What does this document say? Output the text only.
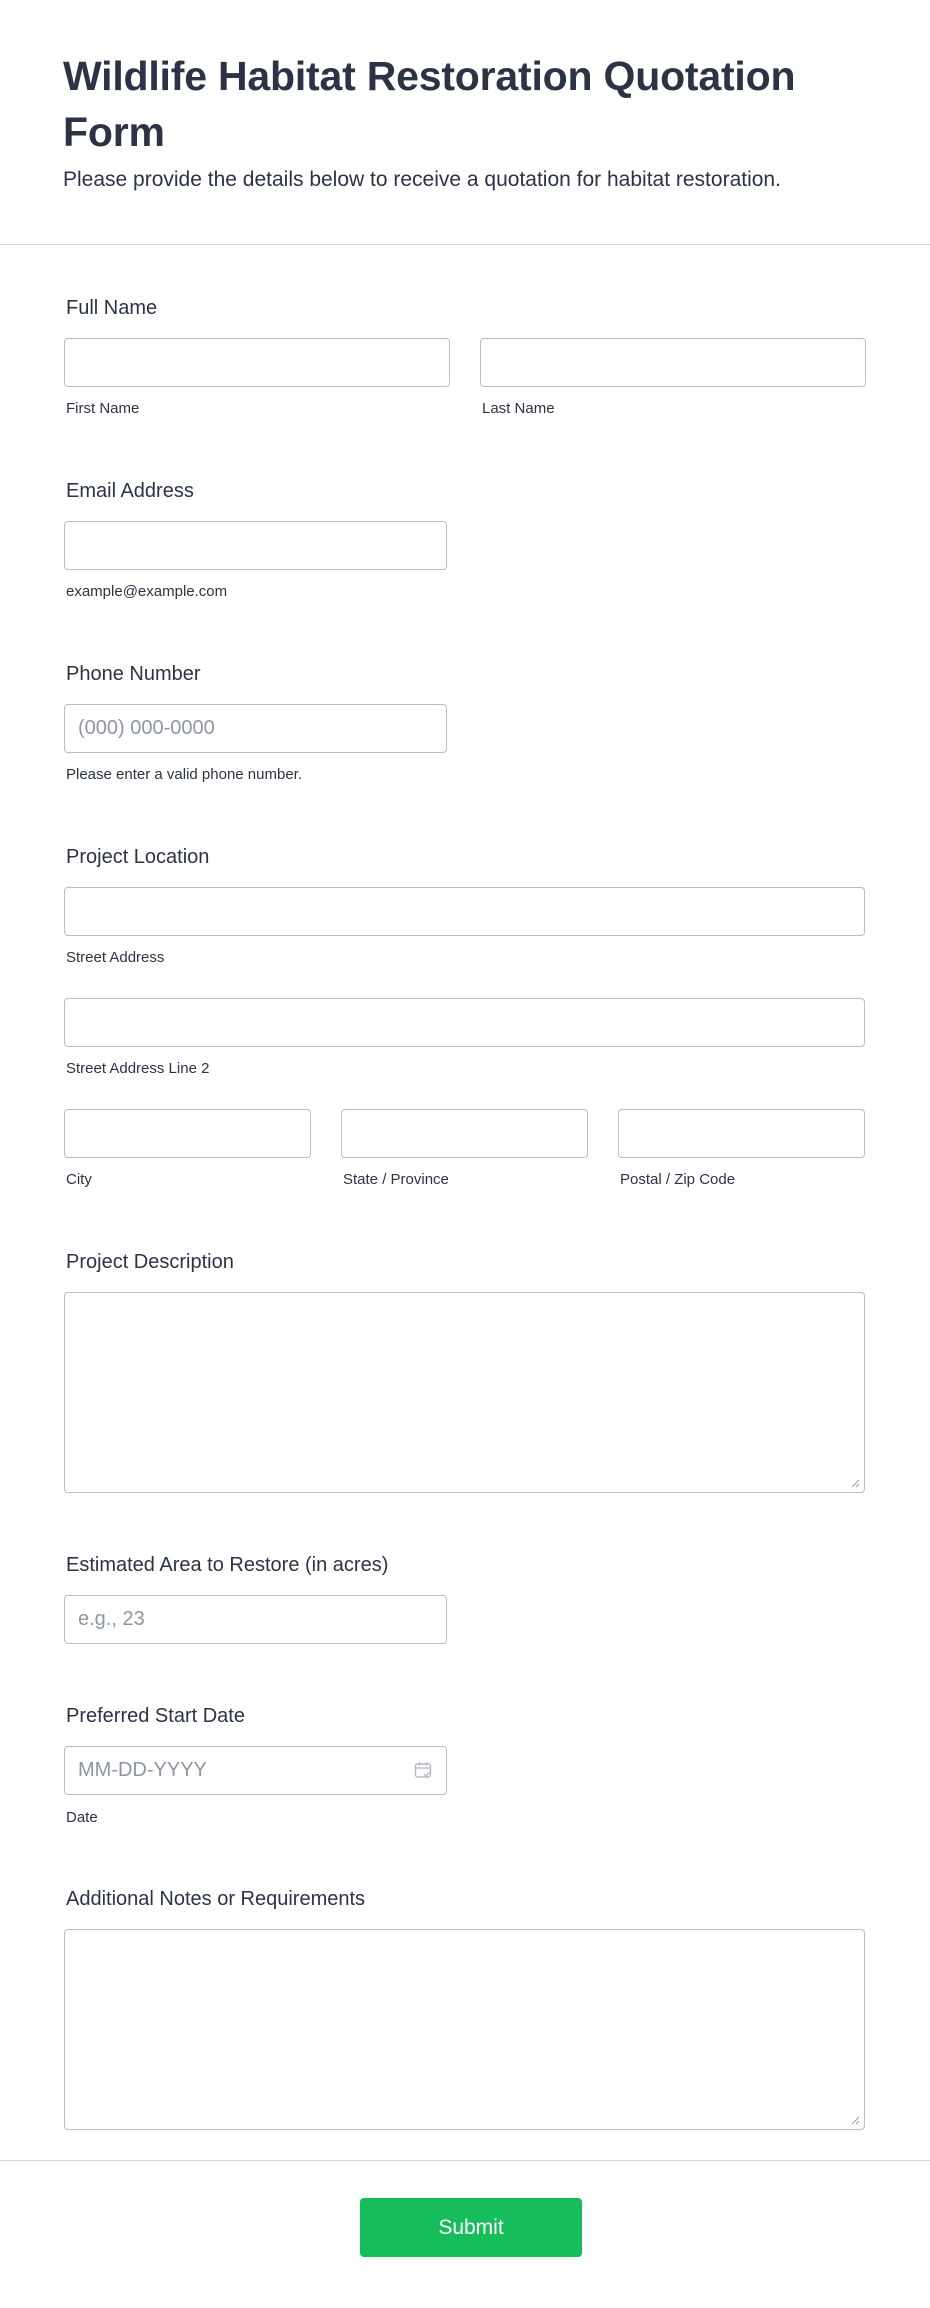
Wildlife Habitat Restoration Quotation Form

Please provide the details below to receive a quotation for habitat restoration.

Full Name
First Name	Last Name
Email Address
example@example.com
Phone Number
(000) 000-0000
Please enter a valid phone number.
Project Location
Street Address
Street Address Line 2
City	State / Province	Postal / Zip Code
Project Description
Estimated Area to Restore (in acres)
e.g., 23
Preferred Start Date
MM-DD-YYYY
Date
Additional Notes or Requirements
Submit
